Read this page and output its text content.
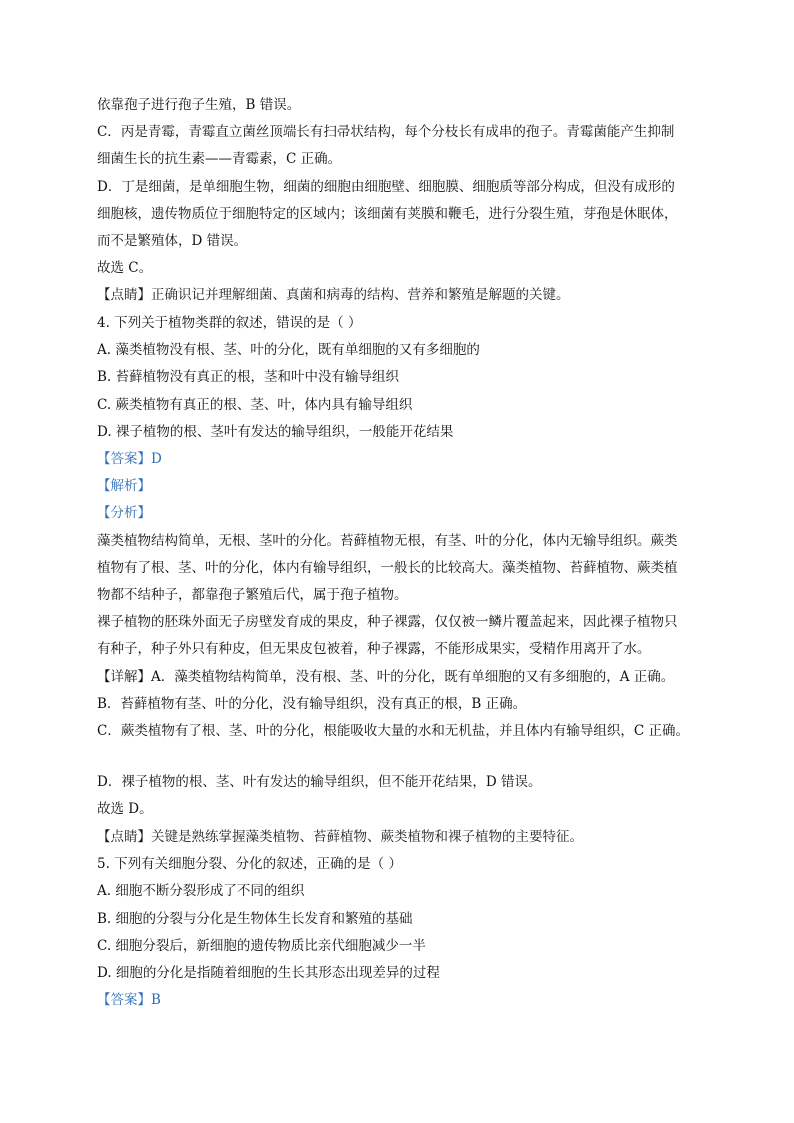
依靠孢子进行孢子生殖，B 错误。
C．丙是青霉，青霉直立菌丝顶端长有扫帚状结构，每个分枝长有成串的孢子。青霉菌能产生抑制
细菌生长的抗生素——青霉素，C 正确。
D．丁是细菌，是单细胞生物，细菌的细胞由细胞壁、细胞膜、细胞质等部分构成，但没有成形的
细胞核，遗传物质位于细胞特定的区域内；该细菌有荚膜和鞭毛，进行分裂生殖，芽孢是休眠体，
而不是繁殖体，D 错误。
故选 C。
【点睛】正确识记并理解细菌、真菌和病毒的结构、营养和繁殖是解题的关键。
4. 下列关于植物类群的叙述，错误的是（ ）
A. 藻类植物没有根、茎、叶的分化，既有单细胞的又有多细胞的
B. 苔藓植物没有真正的根，茎和叶中没有输导组织
C. 蕨类植物有真正的根、茎、叶，体内具有输导组织
D. 裸子植物的根、茎叶有发达的输导组织，一般能开花结果
【答案】D
【解析】
【分析】
藻类植物结构简单，无根、茎叶的分化。苔藓植物无根，有茎、叶的分化，体内无输导组织。蕨类
植物有了根、茎、叶的分化，体内有输导组织，一般长的比较高大。藻类植物、苔藓植物、蕨类植
物都不结种子，都靠孢子繁殖后代，属于孢子植物。
裸子植物的胚珠外面无子房壁发育成的果皮，种子裸露，仅仅被一鳞片覆盖起来，因此裸子植物只
有种子，种子外只有种皮，但无果皮包被着，种子裸露，不能形成果实，受精作用离开了水。
【详解】A．藻类植物结构简单，没有根、茎、叶的分化，既有单细胞的又有多细胞的，A 正确。
B．苔藓植物有茎、叶的分化，没有输导组织，没有真正的根，B 正确。
C．蕨类植物有了根、茎、叶的分化，根能吸收大量的水和无机盐，并且体内有输导组织，C 正确。
D．裸子植物的根、茎、叶有发达的输导组织，但不能开花结果，D 错误。
故选 D。
【点睛】关键是熟练掌握藻类植物、苔藓植物、蕨类植物和裸子植物的主要特征。
5. 下列有关细胞分裂、分化的叙述，正确的是（ ）
A. 细胞不断分裂形成了不同的组织
B. 细胞的分裂与分化是生物体生长发育和繁殖的基础
C. 细胞分裂后，新细胞的遗传物质比亲代细胞减少一半
D. 细胞的分化是指随着细胞的生长其形态出现差异的过程
【答案】B
